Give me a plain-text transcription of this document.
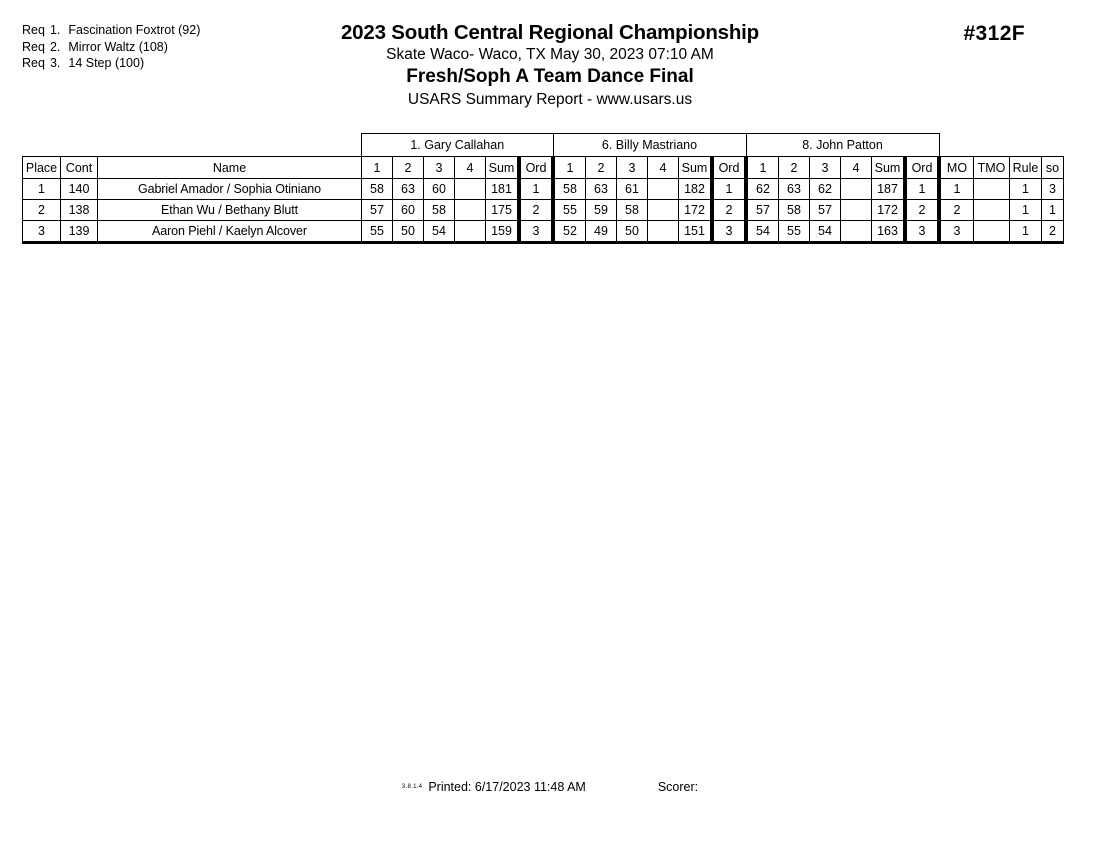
Req 1. Fascination Foxtrot (92)
Req 2. Mirror Waltz (108)
Req 3. 14 Step (100)
2023 South Central Regional Championship
Skate Waco- Waco, TX May 30, 2023 07:10 AM
Fresh/Soph A Team Dance Final
USARS Summary Report - www.usars.us
#312F
			1. Gary Callahan						6. Billy Mastriano						8. John Patton									
Place	Cont	Name	1	2	3	4	Sum	Ord	1	2	3	4	Sum	Ord	1	2	3	4	Sum	Ord	MO	TMO	Rule	so
1	140	Gabriel Amador / Sophia Otiniano	58	63	60		181	1	58	63	61		182	1	62	63	62		187	1	1		1	3
2	138	Ethan Wu / Bethany Blutt	57	60	58		175	2	55	59	58		172	2	57	58	57		172	2	2		1	1
3	139	Aaron Piehl / Kaelyn Alcover	55	50	54		159	3	52	49	50		151	3	54	55	54		163	3	3		1	2
$^{3.8.1.4}$ Printed: 6/17/2023 11:48 AM	Scorer:
